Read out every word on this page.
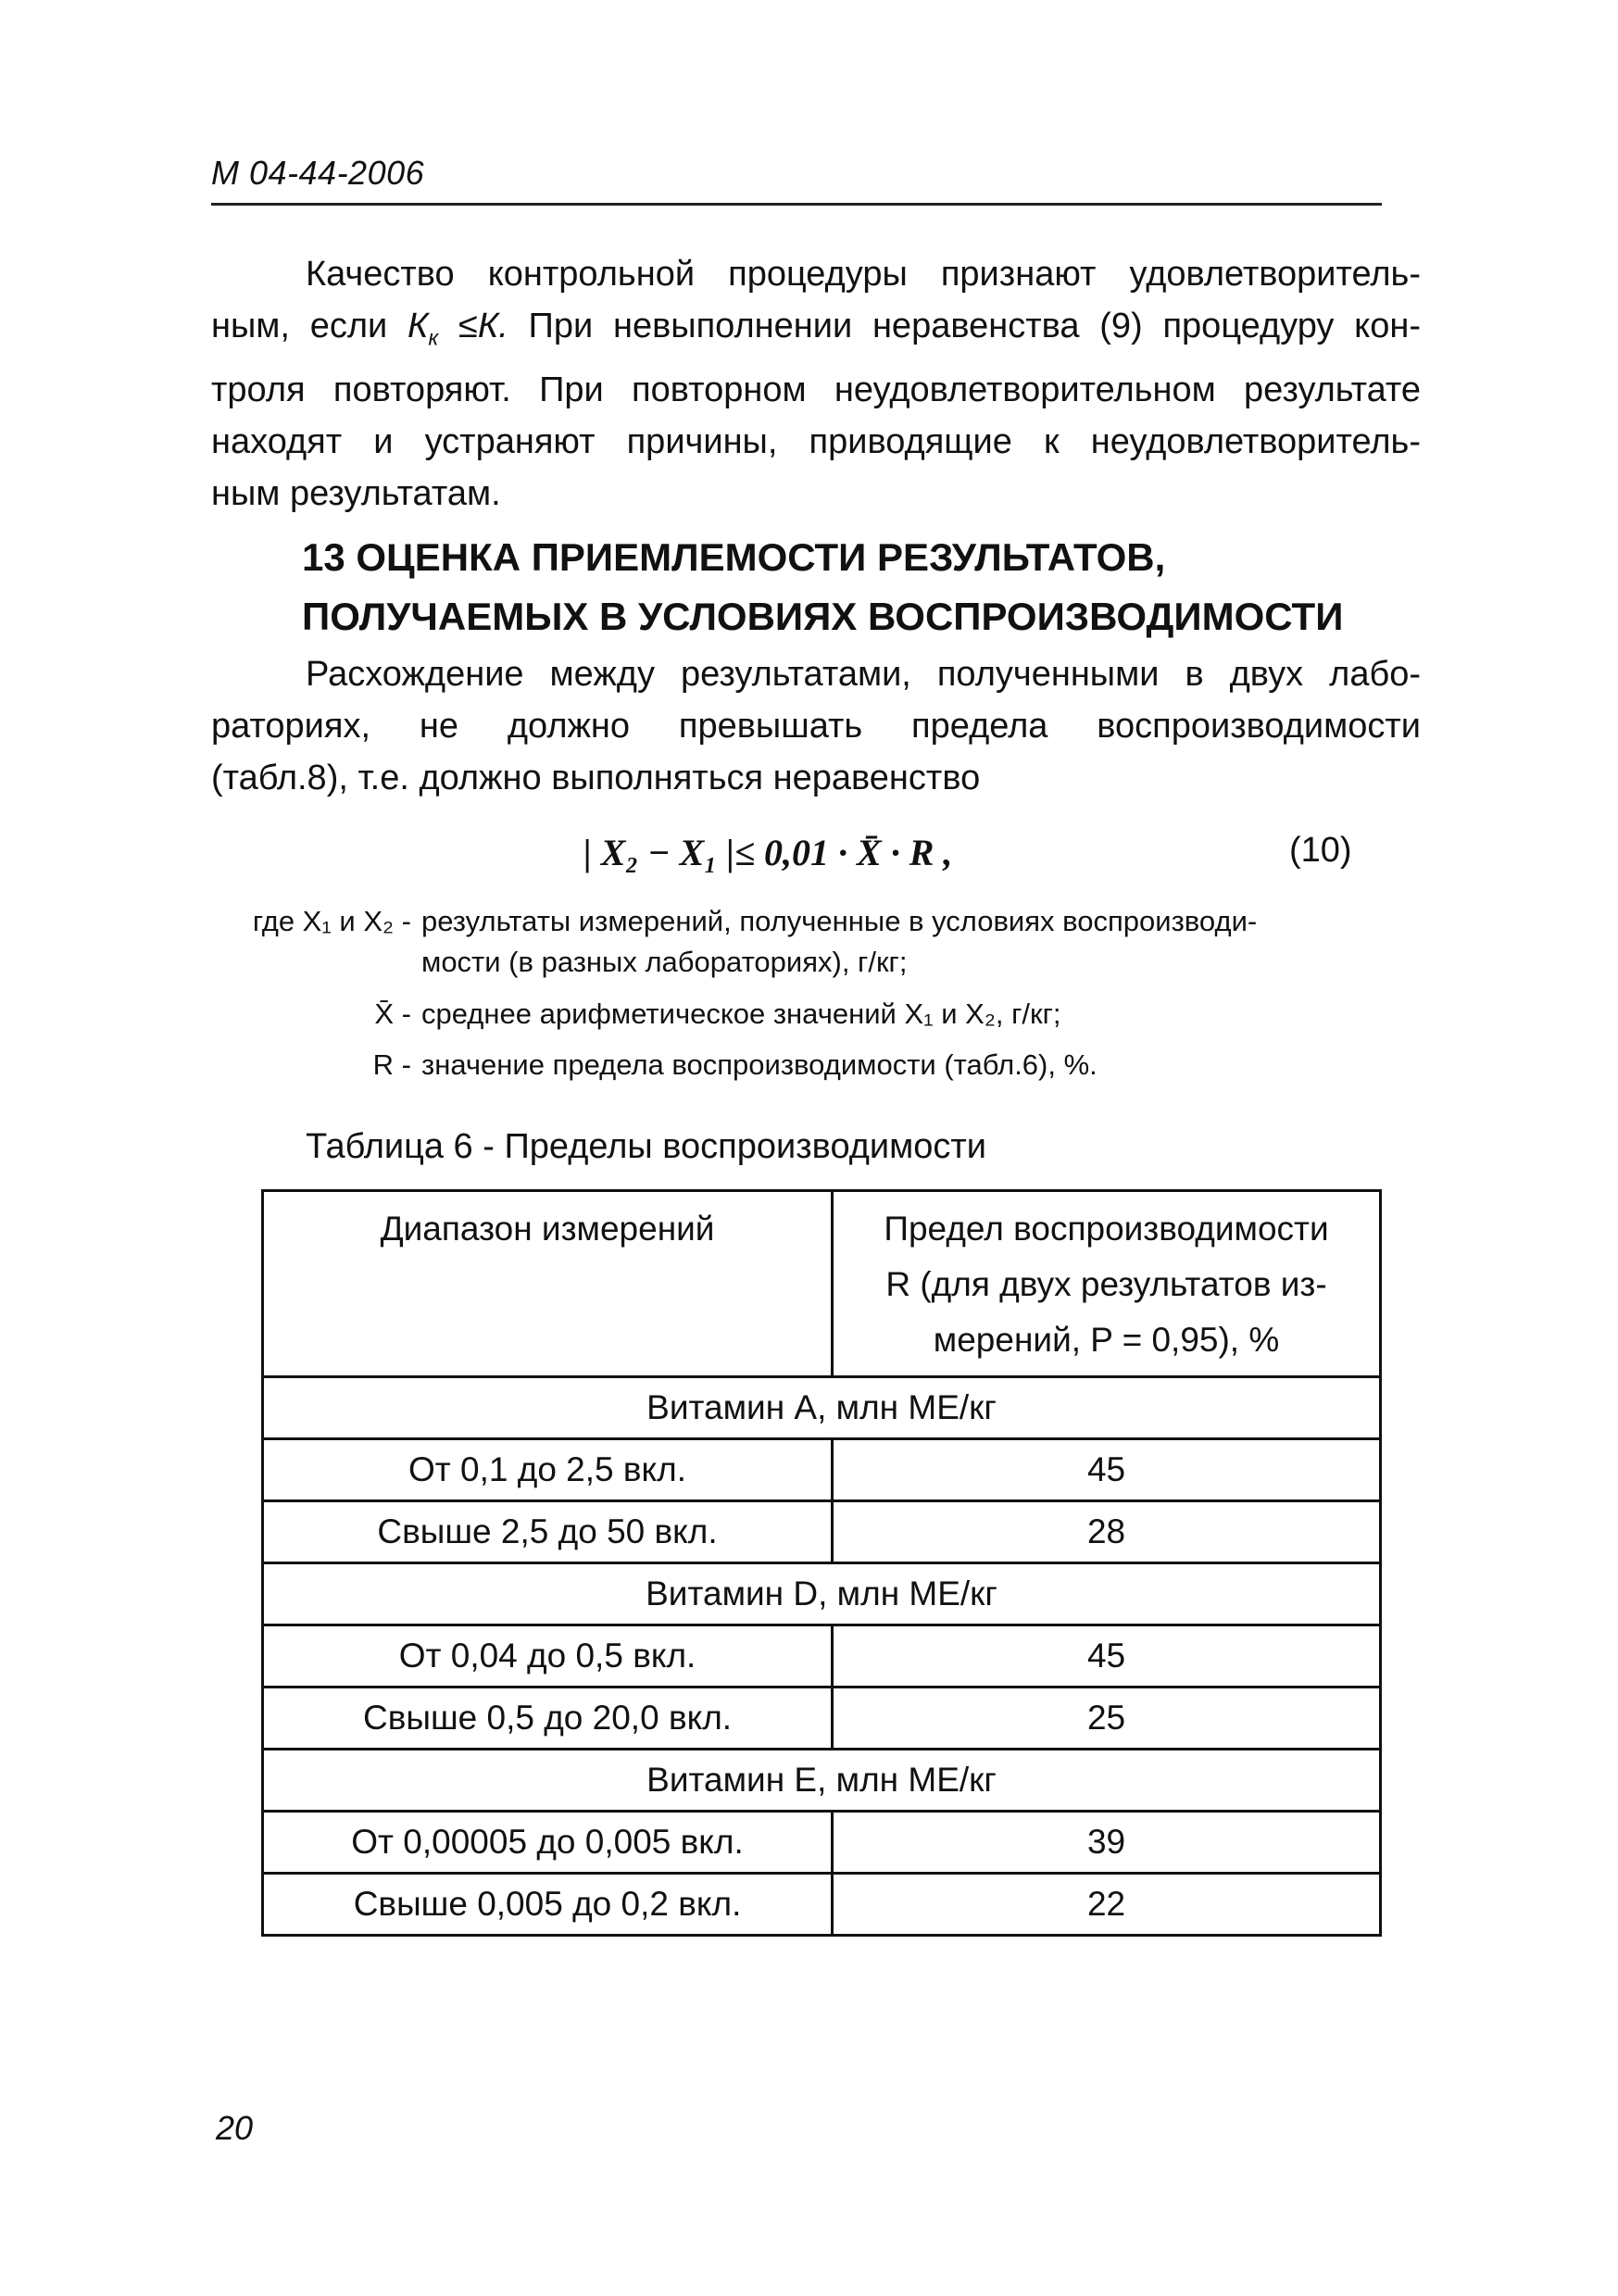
М 04-44-2006
Качество контрольной процедуры признают удовлетворитель-
ным, если $К_к \le К$. При невыполнении неравенства (9) процедуру кон-
троля повторяют. При повторном неудовлетворительном результате
находят и устраняют причины, приводящие к неудовлетворитель-
ным результатам.
13 ОЦЕНКА ПРИЕМЛЕМОСТИ РЕЗУЛЬТАТОВ,
ПОЛУЧАЕМЫХ В УСЛОВИЯХ ВОСПРОИЗВОДИМОСТИ
Расхождение между результатами, полученными в двух лабо-
раториях, не должно превышать предела воспроизводимости
(табл.8), т.е. должно выполняться неравенство
| X₂ − X₁ |≤ 0,01 · X̄ · R ,	(10)
где X₁ и X₂ - результаты измерений, полученные в условиях воспроизводи-
мости (в разных лабораториях), г/кг;
X̄ - среднее арифметическое значений X₁ и X₂, г/кг;
R - значение предела воспроизводимости (табл.6), %.
Таблица 6 - Пределы воспроизводимости
Диапазон измерений	Предел воспроизводимости
R (для двух результатов из-
мерений, P = 0,95), %

Витамин А, млн МЕ/кг	
От 0,1 до 2,5 вкл.	45
Свыше 2,5 до 50 вкл.	28
Витамин D, млн МЕ/кг	
От 0,04 до 0,5 вкл.	45
Свыше 0,5 до 20,0 вкл.	25
Витамин Е, млн МЕ/кг	
От 0,00005 до 0,005 вкл.	39
Свыше 0,005 до 0,2 вкл.	22
20
